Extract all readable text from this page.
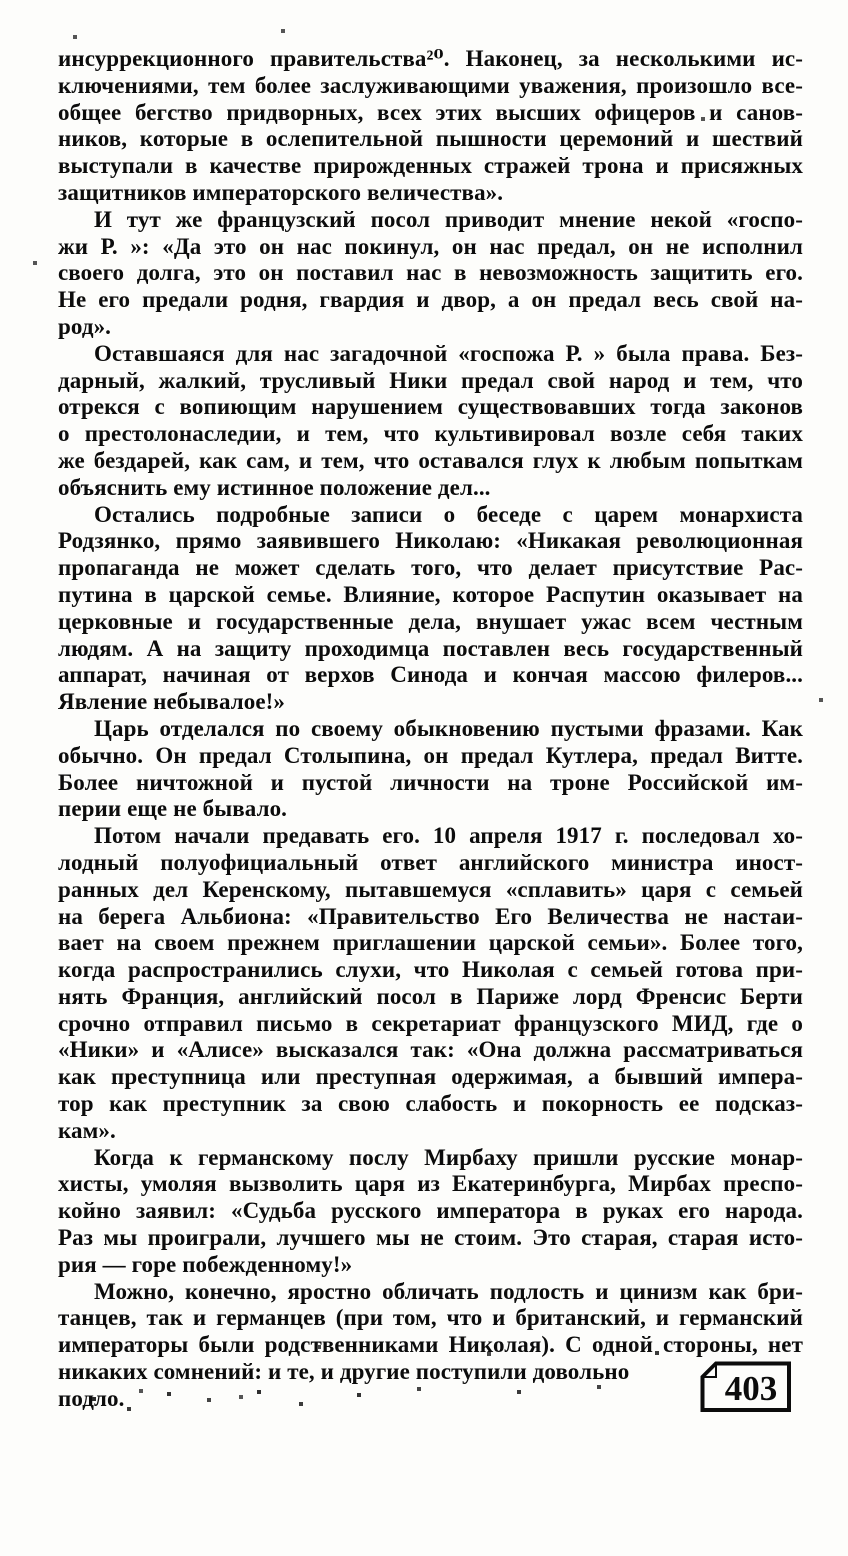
инсуррекционного правительства²⁰. Наконец, за несколькими ис-
ключениями, тем более заслуживающими уважения, произошло все-
общее бегство придворных, всех этих высших офицеров и санов-
ников, которые в ослепительной пышности церемоний и шествий
выступали в качестве прирожденных стражей трона и присяжных
защитников императорского величества».
И тут же французский посол приводит мнение некой «госпо-
жи Р. »: «Да это он нас покинул, он нас предал, он не исполнил
своего долга, это он поставил нас в невозможность защитить его.
Не его предали родня, гвардия и двор, а он предал весь свой на-
род».
Оставшаяся для нас загадочной «госпожа Р. » была права. Без-
дарный, жалкий, трусливый Ники предал свой народ и тем, что
отрекся с вопиющим нарушением существовавших тогда законов
о престолонаследии, и тем, что культивировал возле себя таких
же бездарей, как сам, и тем, что оставался глух к любым попыткам
объяснить ему истинное положение дел...
Остались подробные записи о беседе с царем монархиста
Родзянко, прямо заявившего Николаю: «Никакая революционная
пропаганда не может сделать того, что делает присутствие Рас-
путина в царской семье. Влияние, которое Распутин оказывает на
церковные и государственные дела, внушает ужас всем честным
людям. А на защиту проходимца поставлен весь государственный
аппарат, начиная от верхов Синода и кончая массою филеров...
Явление небывалое!»
Царь отделался по своему обыкновению пустыми фразами. Как
обычно. Он предал Столыпина, он предал Кутлера, предал Витте.
Более ничтожной и пустой личности на троне Российской им-
перии еще не бывало.
Потом начали предавать его. 10 апреля 1917 г. последовал хо-
лодный полуофициальный ответ английского министра иност-
ранных дел Керенскому, пытавшемуся «сплавить» царя с семьей
на берега Альбиона: «Правительство Его Величества не настаи-
вает на своем прежнем приглашении царской семьи». Более того,
когда распространились слухи, что Николая с семьей готова при-
нять Франция, английский посол в Париже лорд Френсис Берти
срочно отправил письмо в секретариат французского МИД, где о
«Ники» и «Алисе» высказался так: «Она должна рассматриваться
как преступница или преступная одержимая, а бывший импера-
тор как преступник за свою слабость и покорность ее подсказ-
кам».
Когда к германскому послу Мирбаху пришли русские монар-
хисты, умоляя вызволить царя из Екатеринбурга, Мирбах преспо-
койно заявил: «Судьба русского императора в руках его народа.
Раз мы проиграли, лучшего мы не стоим. Это старая, старая исто-
рия — горе побежденному!»
Можно, конечно, яростно обличать подлость и цинизм как бри-
танцев, так и германцев (при том, что и британский, и германский
императоры были родственниками Николая). С одной стороны, нет
никаких сомнений: и те, и другие поступили довольно
подло.	403
